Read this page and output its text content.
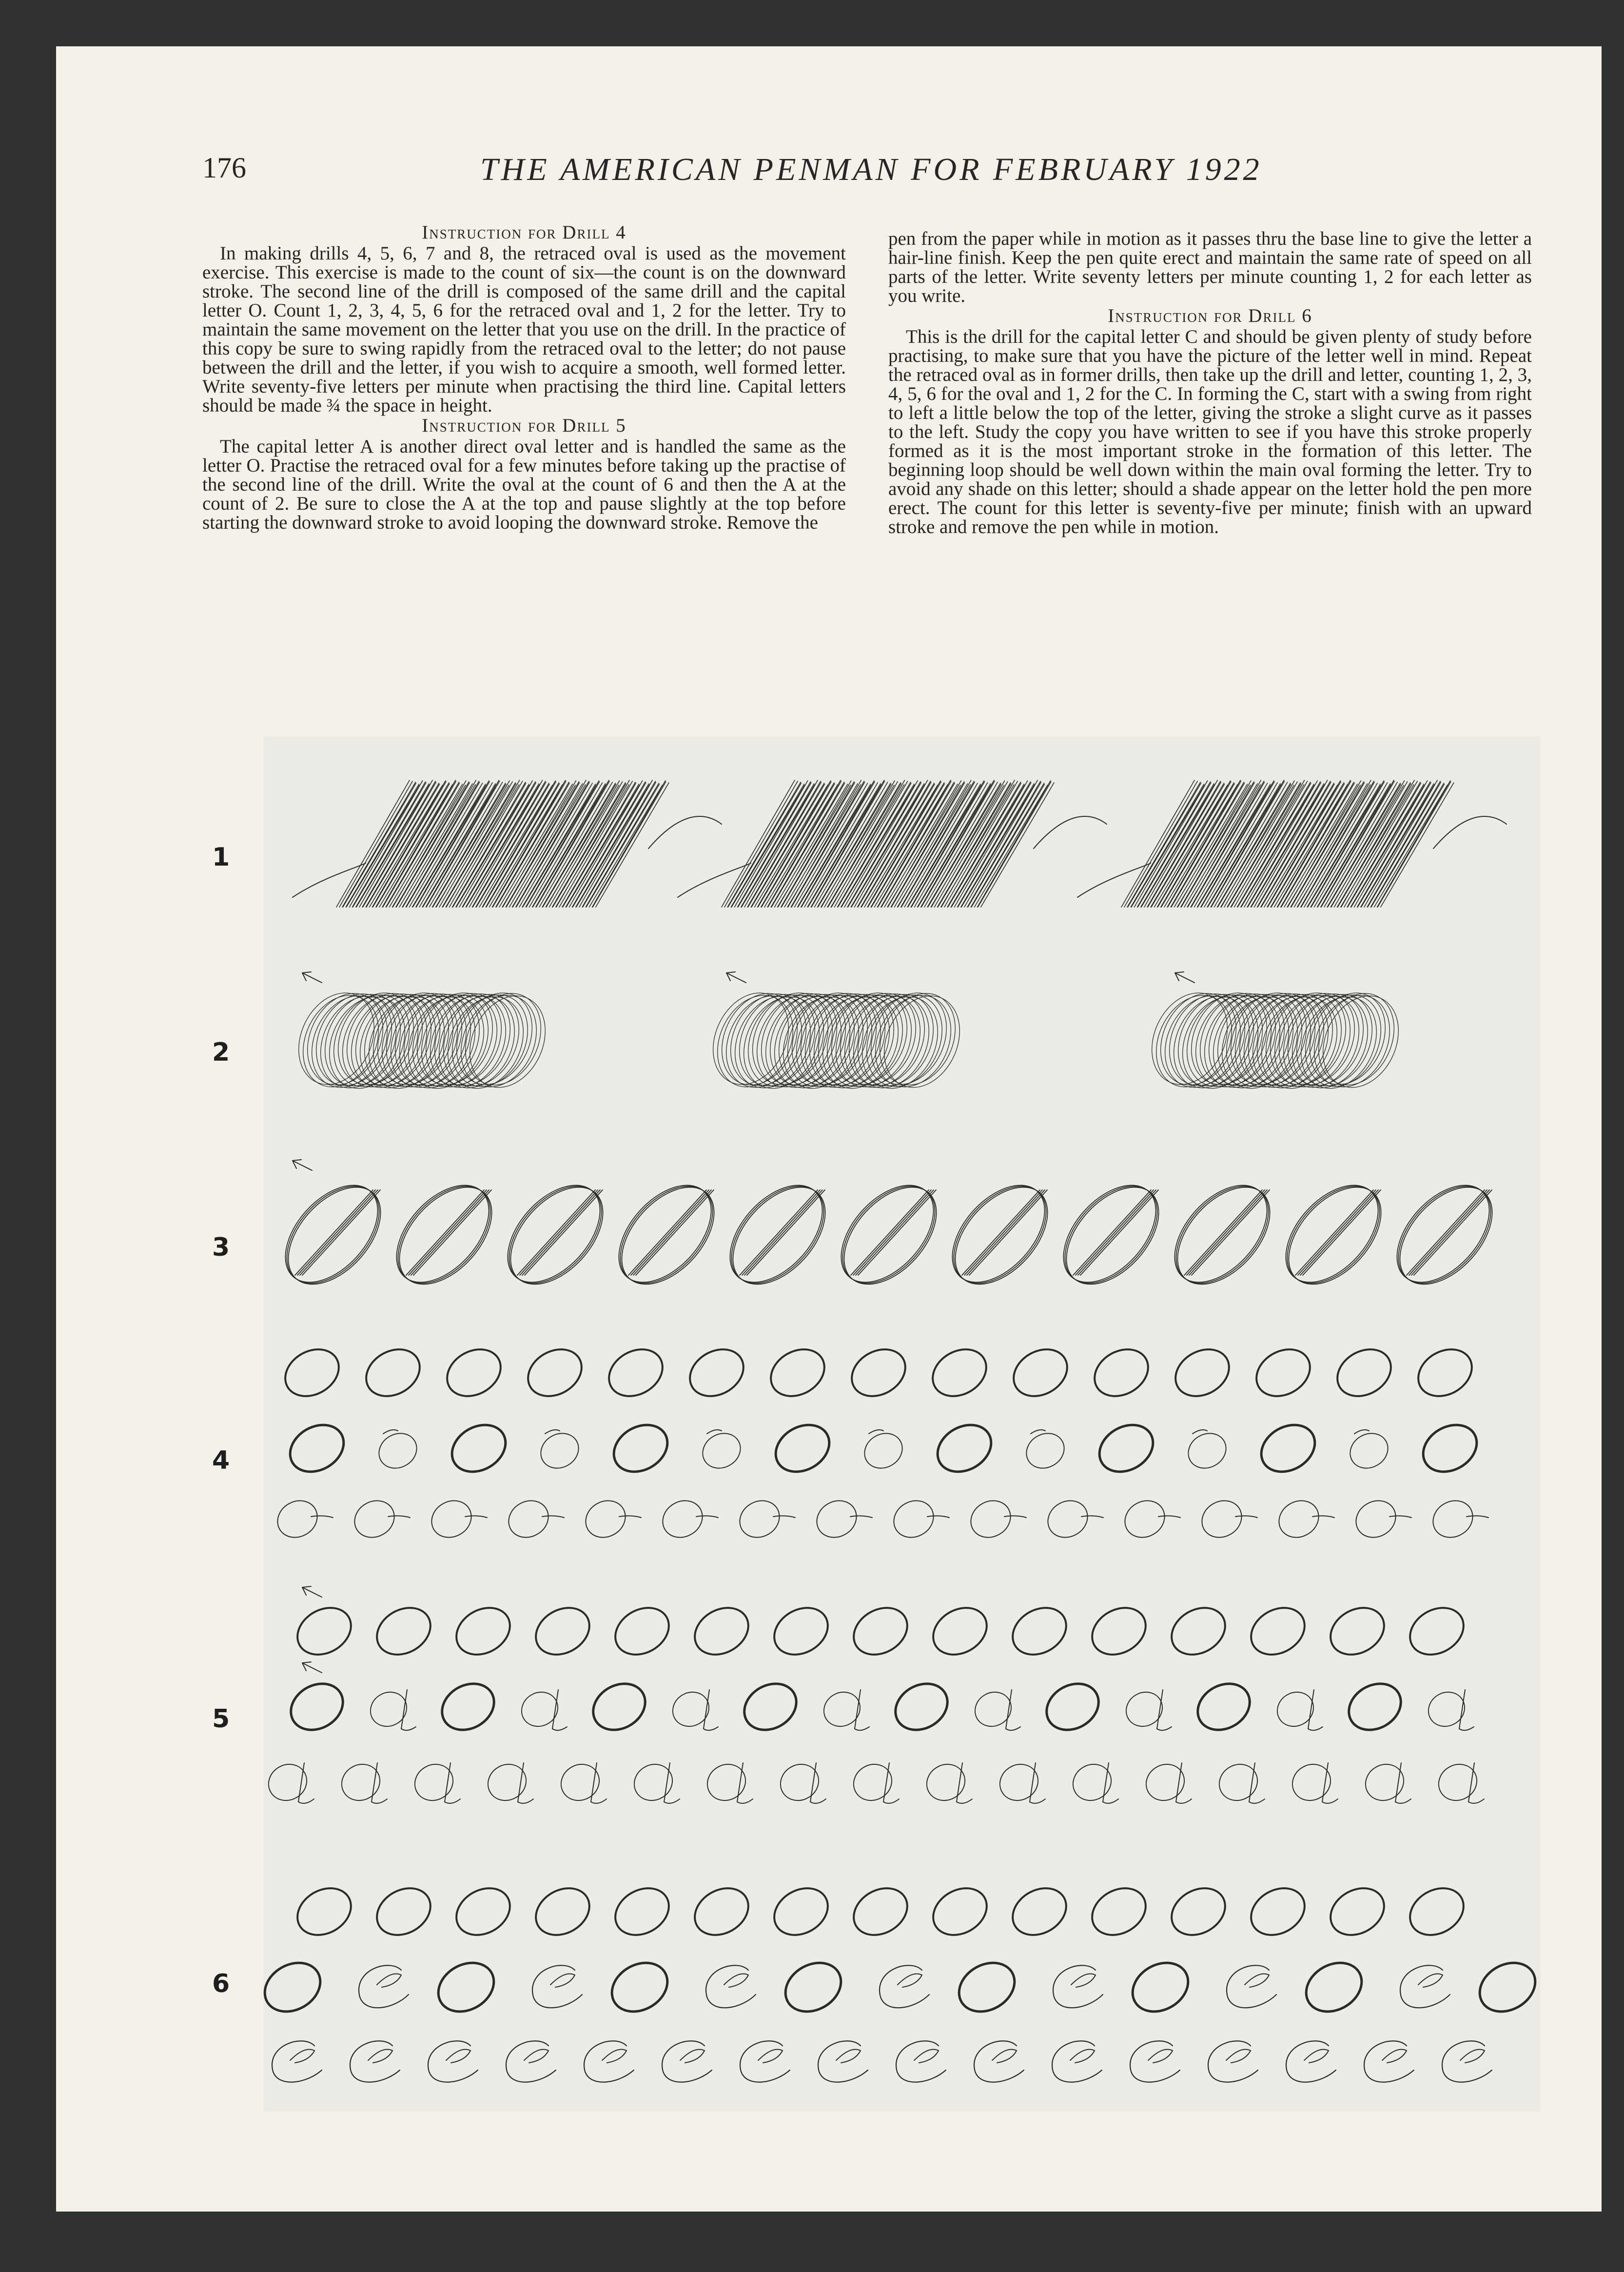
176	THE AMERICAN PENMAN FOR FEBRUARY 1922
Instruction for Drill 4

In making drills 4, 5, 6, 7 and 8, the retraced oval is used as the movement exercise. This exercise is made to the count of six—the count is on the downward stroke. The second line of the drill is composed of the same drill and the capital letter O. Count 1, 2, 3, 4, 5, 6 for the retraced oval and 1, 2 for the letter. Try to maintain the same movement on the letter that you use on the drill. In the practice of this copy be sure to swing rapidly from the retraced oval to the letter; do not pause between the drill and the letter, if you wish to acquire a smooth, well formed letter. Write seventy-five letters per minute when practising the third line. Capital letters should be made ¾ the space in height.

Instruction for Drill 5

The capital letter A is another direct oval letter and is handled the same as the letter O. Practise the retraced oval for a few minutes before taking up the practise of the second line of the drill. Write the oval at the count of 6 and then the A at the count of 2. Be sure to close the A at the top and pause slightly at the top before starting the downward stroke to avoid looping the downward stroke. Remove the

pen from the paper while in motion as it passes thru the base line to give the letter a hair-line finish. Keep the pen quite erect and maintain the same rate of speed on all parts of the letter. Write seventy letters per minute counting 1, 2 for each letter as you write.

Instruction for Drill 6

This is the drill for the capital letter C and should be given plenty of study before practising, to make sure that you have the picture of the letter well in mind. Repeat the retraced oval as in former drills, then take up the drill and letter, counting 1, 2, 3, 4, 5, 6 for the oval and 1, 2 for the C. In forming the C, start with a swing from right to left a little below the top of the letter, giving the stroke a slight curve as it passes to the left. Study the copy you have written to see if you have this stroke properly formed as it is the most important stroke in the formation of this letter. The beginning loop should be well down within the main oval forming the letter. Try to avoid any shade on this letter; should a shade appear on the letter hold the pen more erect. The count for this letter is seventy-five per minute; finish with an upward stroke and remove the pen while in motion.

1
2
3
4
5
6
